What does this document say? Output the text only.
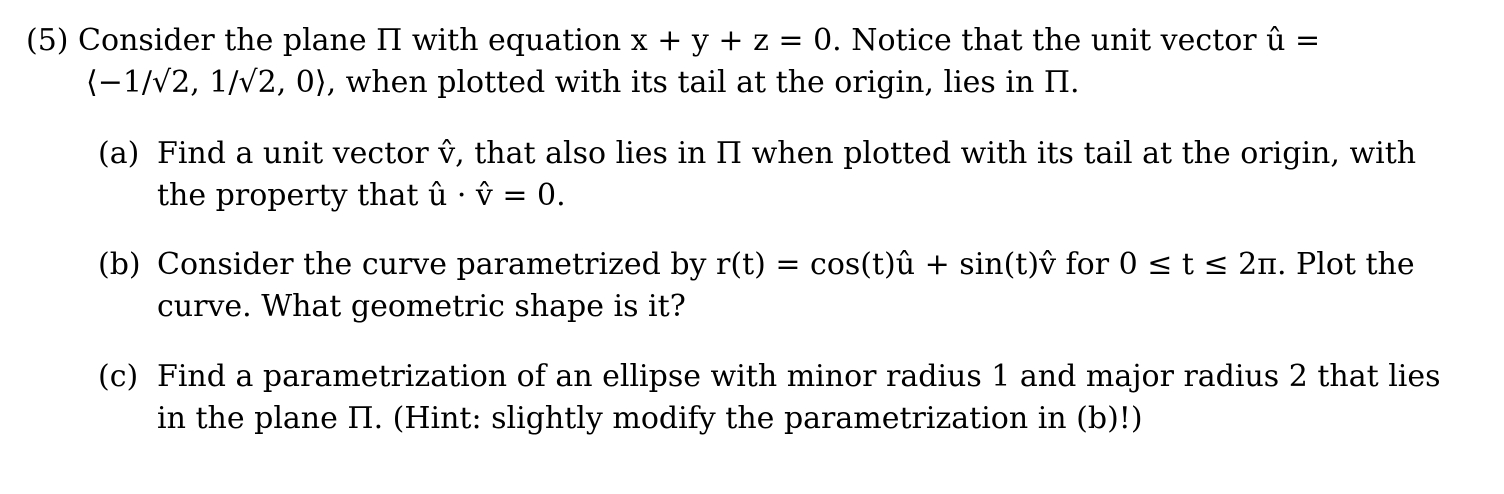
(5) Consider the plane Π with equation x + y + z = 0. Notice that the unit vector û =
⟨−1/√2, 1/√2, 0⟩, when plotted with its tail at the origin, lies in Π.
(a) Find a unit vector v̂, that also lies in Π when plotted with its tail at the origin, with
the property that û · v̂ = 0.
(b) Consider the curve parametrized by r(t) = cos(t)û + sin(t)v̂ for 0 ≤ t ≤ 2π. Plot the
curve. What geometric shape is it?
(c) Find a parametrization of an ellipse with minor radius 1 and major radius 2 that lies
in the plane Π. (Hint: slightly modify the parametrization in (b)!)
